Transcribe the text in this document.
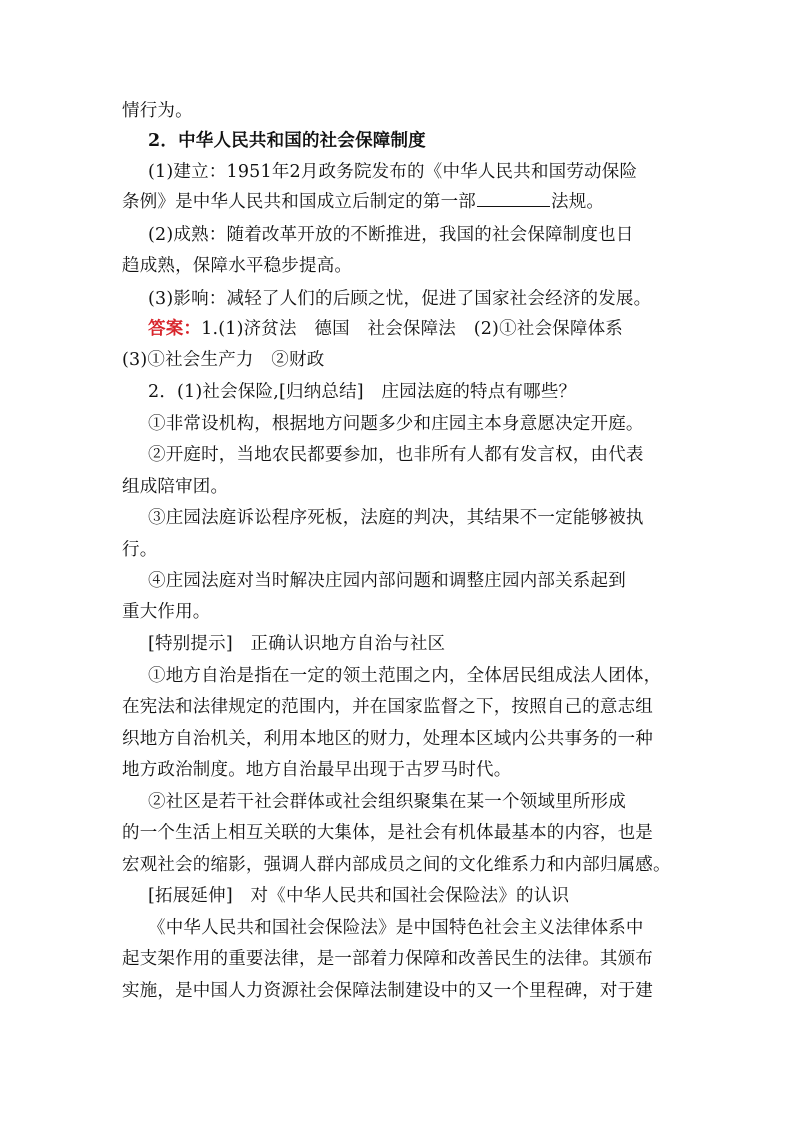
情行为。
2．中华人民共和国的社会保障制度
(1)建立：1951年2月政务院发布的《中华人民共和国劳动保险
条例》是中华人民共和国成立后制定的第一部	法规。
(2)成熟：随着改革开放的不断推进，我国的社会保障制度也日
趋成熟，保障水平稳步提高。
(3)影响：减轻了人们的后顾之忧，促进了国家社会经济的发展。
答案：1.(1)济贫法　德国　社会保障法　(2)①社会保障体系
(3)①社会生产力　②财政
2．(1)社会保险,[归纳总结]　庄园法庭的特点有哪些？
①非常设机构，根据地方问题多少和庄园主本身意愿决定开庭。
②开庭时，当地农民都要参加，也非所有人都有发言权，由代表
组成陪审团。
③庄园法庭诉讼程序死板，法庭的判决，其结果不一定能够被执
行。
④庄园法庭对当时解决庄园内部问题和调整庄园内部关系起到
重大作用。
[特别提示]　正确认识地方自治与社区
①地方自治是指在一定的领土范围之内，全体居民组成法人团体，
在宪法和法律规定的范围内，并在国家监督之下，按照自己的意志组
织地方自治机关，利用本地区的财力，处理本区域内公共事务的一种
地方政治制度。地方自治最早出现于古罗马时代。
②社区是若干社会群体或社会组织聚集在某一个领域里所形成
的一个生活上相互关联的大集体，是社会有机体最基本的内容，也是
宏观社会的缩影，强调人群内部成员之间的文化维系力和内部归属感。
[拓展延伸]　对《中华人民共和国社会保险法》的认识
《中华人民共和国社会保险法》是中国特色社会主义法律体系中
起支架作用的重要法律，是一部着力保障和改善民生的法律。其颁布
实施，是中国人力资源社会保障法制建设中的又一个里程碑，对于建
